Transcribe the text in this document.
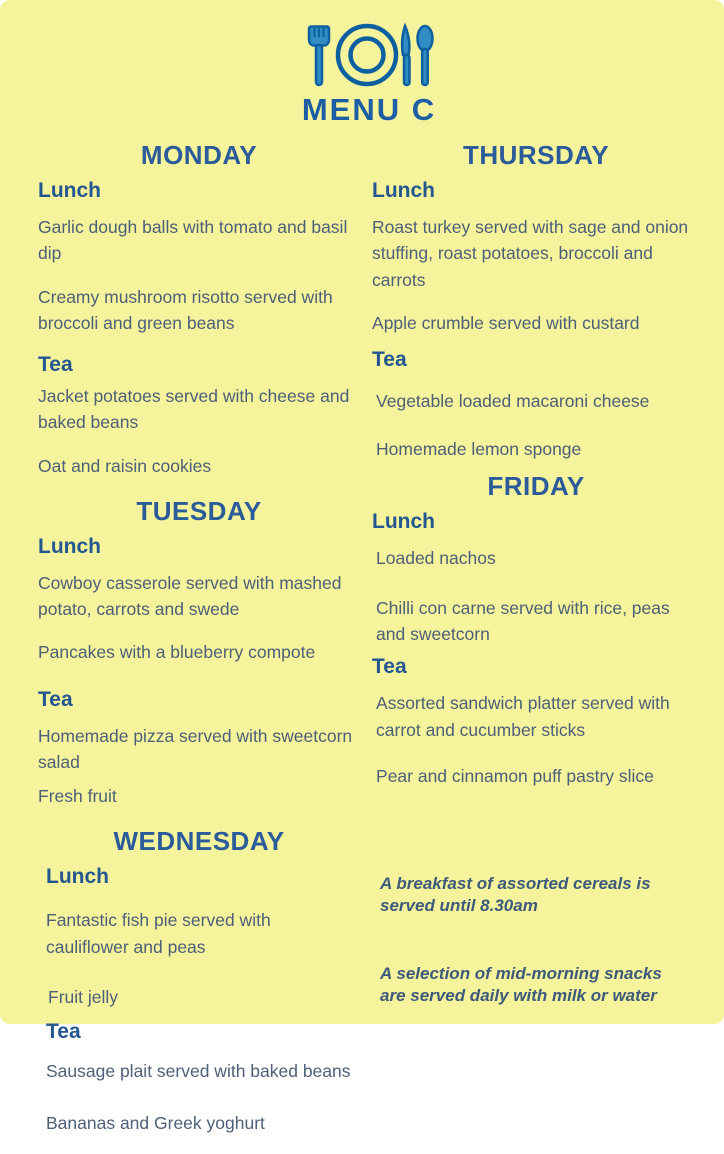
MENU C
MONDAY
Lunch

Garlic dough balls with tomato and basil dip

Creamy mushroom risotto served with broccoli and green beans

Tea

Jacket potatoes served with cheese and baked beans

Oat and raisin cookies

TUESDAY
Lunch

Cowboy casserole served with mashed potato, carrots and swede

Pancakes with a blueberry compote

Tea

Homemade pizza served with sweetcorn salad

Fresh fruit

WEDNESDAY
Lunch

Fantastic fish pie served with cauliflower and peas

Fruit jelly

Tea

Sausage plait served with baked beans

Bananas and Greek yoghurt

THURSDAY
Lunch

Roast turkey served with sage and onion stuffing, roast potatoes, broccoli and carrots

Apple crumble served with custard

Tea

Vegetable loaded macaroni cheese

Homemade lemon sponge

FRIDAY
Lunch

Loaded nachos

Chilli con carne served with rice, peas and sweetcorn

Tea

Assorted sandwich platter served with carrot and cucumber sticks

Pear and cinnamon puff pastry slice

A breakfast of assorted cereals is served until 8.30am

A selection of mid-morning snacks are served daily with milk or water
